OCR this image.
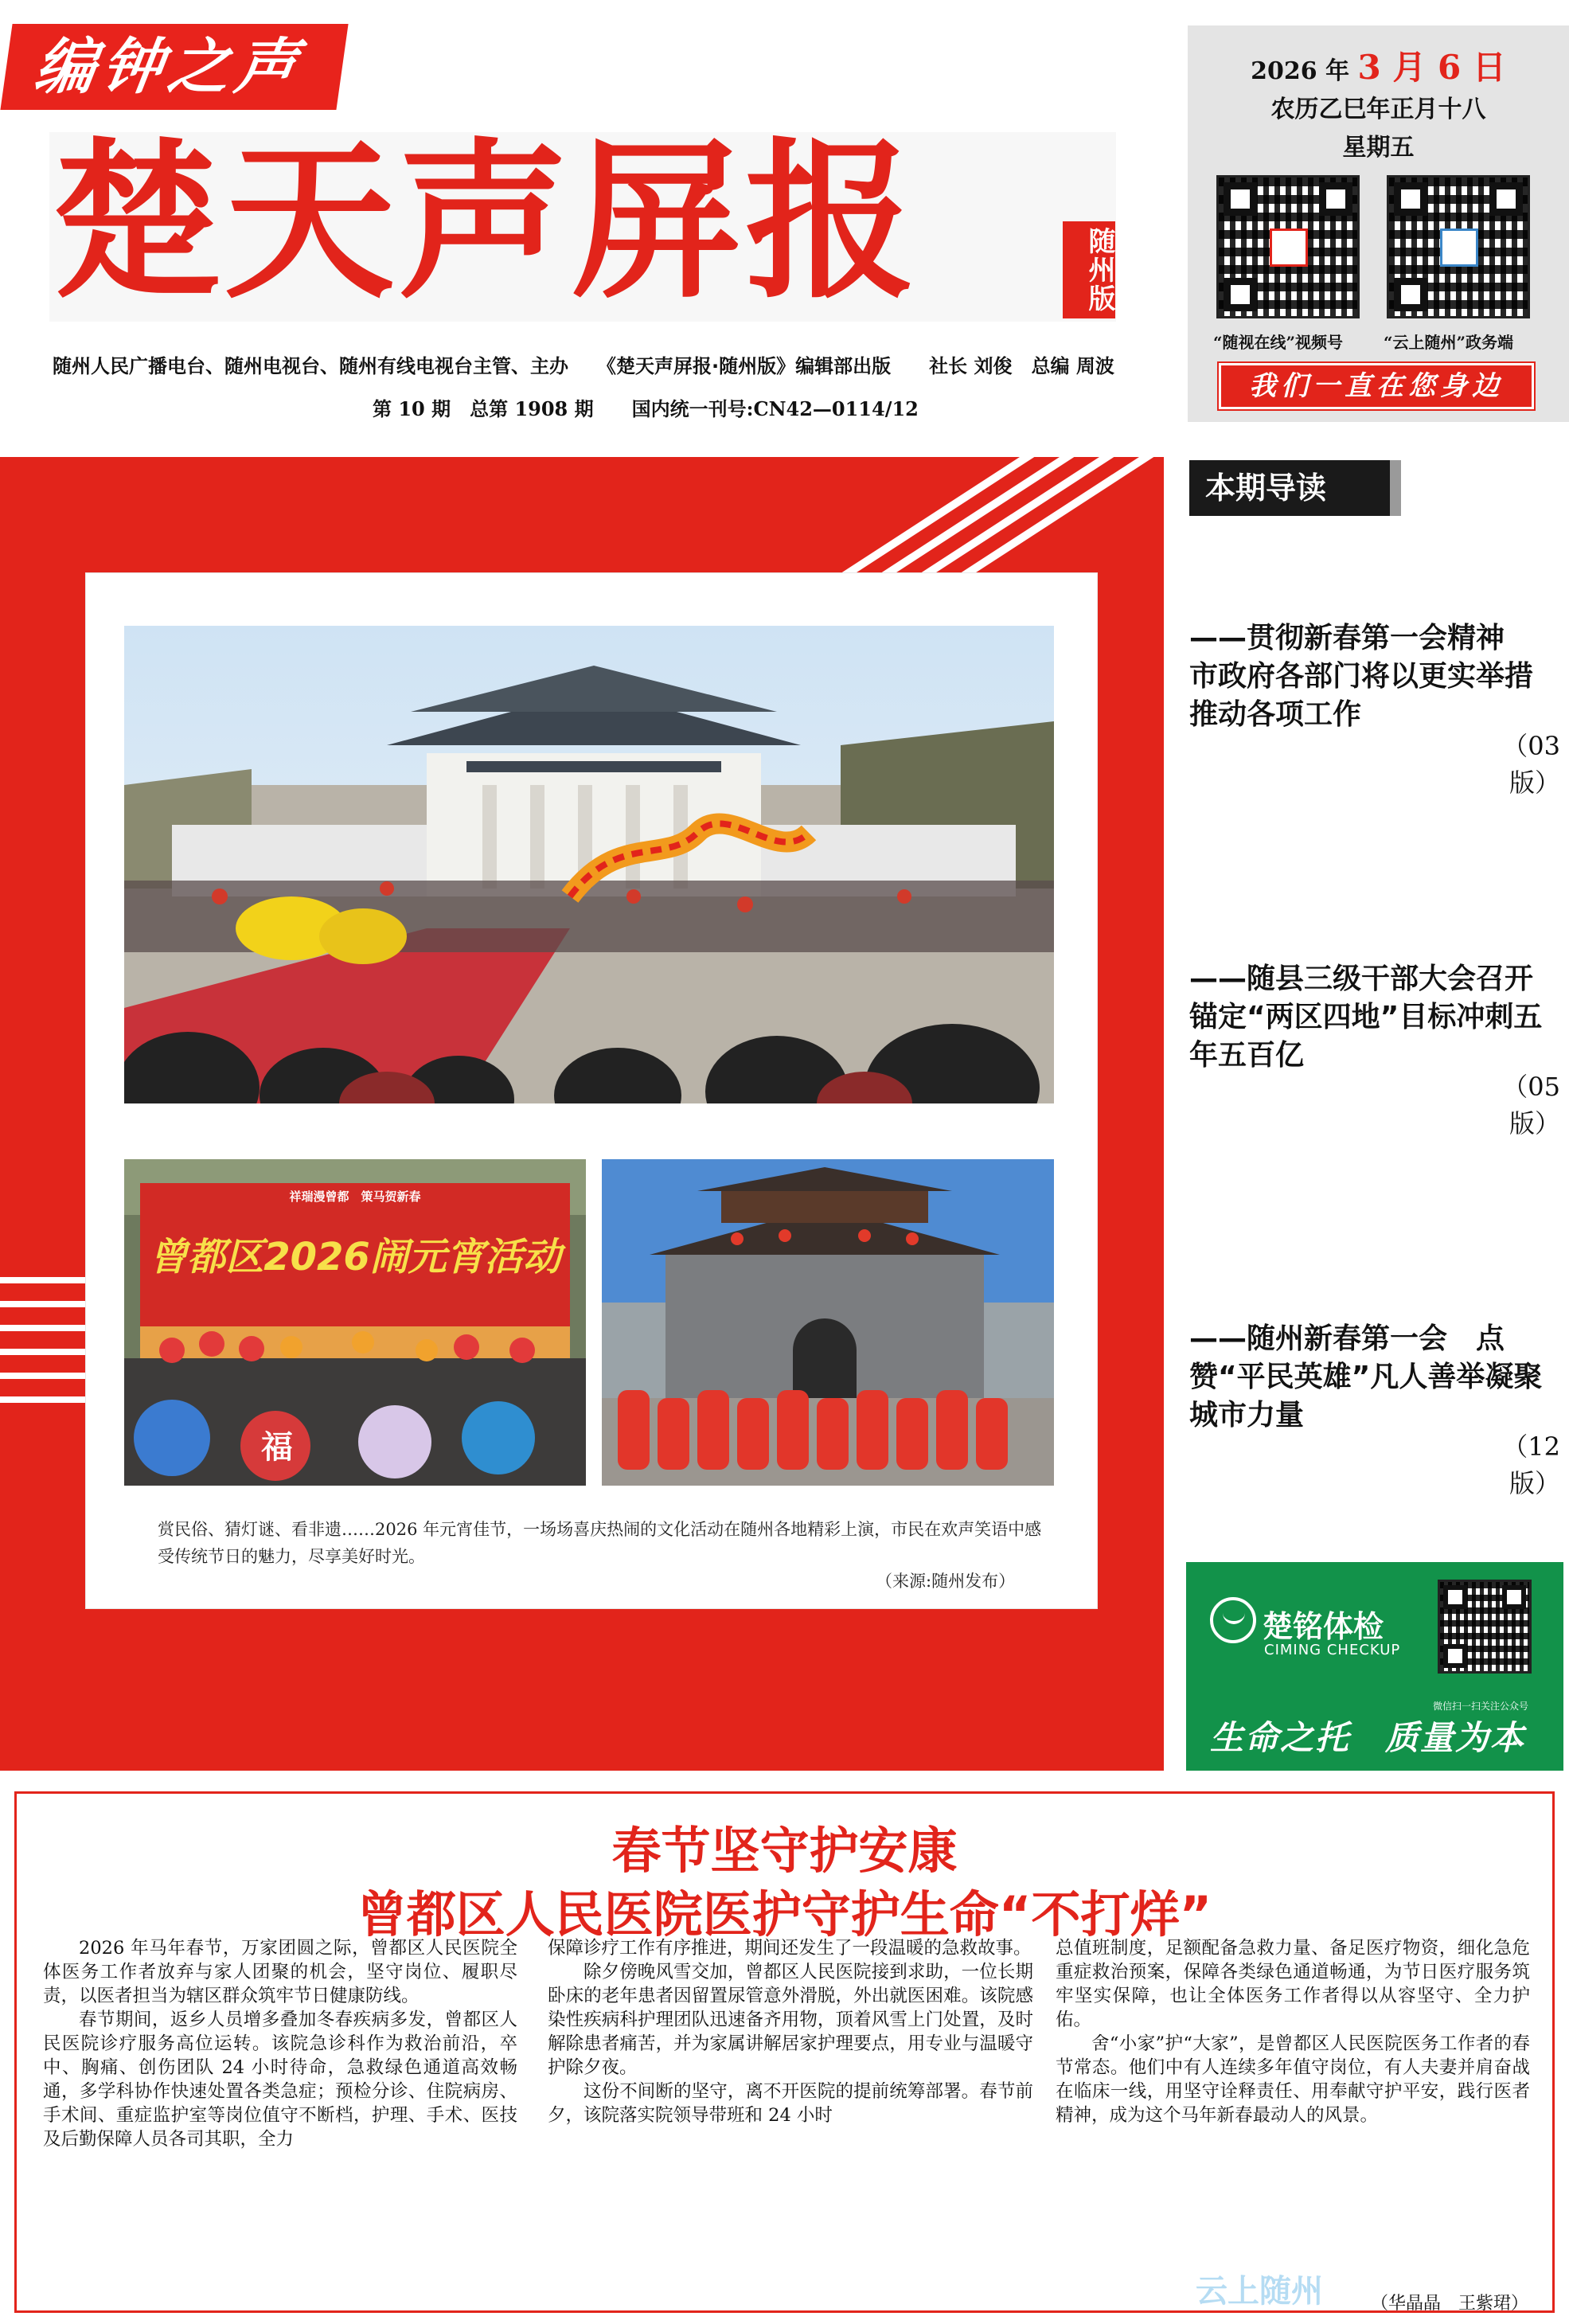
编钟之声
楚天声屏报	随州版
随州人民广播电台、随州电视台、随州有线电视台主管、主办　　《楚天声屏报·随州版》编辑部出版　　社长 刘俊　总编 周波
第 10 期　总第 1908 期　　国内统一刊号:CN42—0114/12
2026 年 3 月 6 日
农历乙巳年正月十八
星期五
“随视在线”视频号	“云上随州”政务端
我们一直在您身边
祥瑞漫曾都　策马贺新春
曾都区2026闹元宵活动
福
赏民俗、猜灯谜、看非遗……2026 年元宵佳节，一场场喜庆热闹的文化活动在随州各地精彩上演，市民在欢声笑语中感受传统节日的魅力，尽享美好时光。
（来源:随州发布）
本期导读
——贯彻新春第一会精神　市政府各部门将以更实举措推动各项工作
（03 版）
——随县三级干部大会召开　锚定“两区四地”目标冲刺五年五百亿
（05 版）
——随州新春第一会　点赞“平民英雄”凡人善举凝聚城市力量
（12 版）
楚铭体检
CIMING CHECKUP
微信扫一扫关注公众号
生命之托　质量为本
春节坚守护安康
曾都区人民医院医护守护生命“不打烊”

2026 年马年春节，万家团圆之际，曾都区人民医院全体医务工作者放弃与家人团聚的机会，坚守岗位、履职尽责，以医者担当为辖区群众筑牢节日健康防线。

春节期间，返乡人员增多叠加冬春疾病多发，曾都区人民医院诊疗服务高位运转。该院急诊科作为救治前沿，卒中、胸痛、创伤团队 24 小时待命，急救绿色通道高效畅通，多学科协作快速处置各类急症；预检分诊、住院病房、手术间、重症监护室等岗位值守不断档，护理、手术、医技及后勤保障人员各司其职，全力

保障诊疗工作有序推进，期间还发生了一段温暖的急救故事。

除夕傍晚风雪交加，曾都区人民医院接到求助，一位长期卧床的老年患者因留置尿管意外滑脱，外出就医困难。该院感染性疾病科护理团队迅速备齐用物，顶着风雪上门处置，及时解除患者痛苦，并为家属讲解居家护理要点，用专业与温暖守护除夕夜。

这份不间断的坚守，离不开医院的提前统筹部署。春节前夕，该院落实院领导带班和 24 小时

总值班制度，足额配备急救力量、备足医疗物资，细化急危重症救治预案，保障各类绿色通道畅通，为节日医疗服务筑牢坚实保障，也让全体医务工作者得以从容坚守、全力护佑。

舍“小家”护“大家”，是曾都区人民医院医务工作者的春节常态。他们中有人连续多年值守岗位，有人夫妻并肩奋战在临床一线，用坚守诠释责任、用奉献守护平安，践行医者精神，成为这个马年新春最动人的风景。

（华晶晶　王紫珺）
云上随州
